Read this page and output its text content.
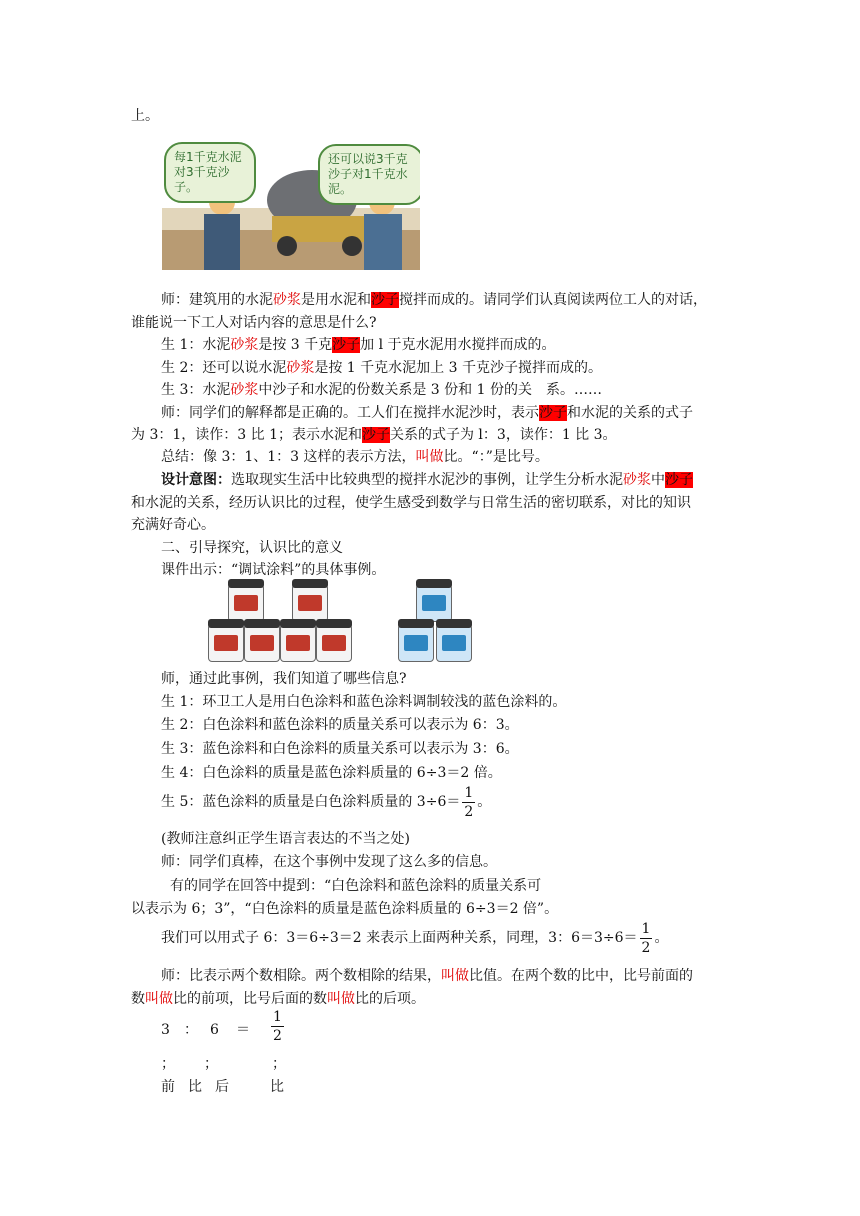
上。
每1千克水泥对3千克沙子。
还可以说3千克沙子对1千克水泥。
师：建筑用的水泥砂浆是用水泥和沙子搅拌而成的。请同学们认真阅读两位工人的对话，
谁能说一下工人对话内容的意思是什么?
生 1：水泥砂浆是按 3 千克沙子加 l 于克水泥用水搅拌而成的。
生 2：还可以说水泥砂浆是按 1 千克水泥加上 3 千克沙子搅拌而成的。
生 3：水泥砂浆中沙子和水泥的份数关系是 3 份和 1 份的关　系。……
师：同学们的解释都是正确的。工人们在搅拌水泥沙时，表示沙子和水泥的关系的式子
为 3：1，读作：3 比 1；表示水泥和沙子关系的式子为 l：3，读作：1 比 3。
总结：像 3：1、1：3 这样的表示方法，叫做比。“：”是比号。
设计意图：选取现实生活中比较典型的搅拌水泥沙的事例，让学生分析水泥砂浆中沙子
和水泥的关系，经历认识比的过程，使学生感受到数学与日常生活的密切联系，对比的知识
充满好奇心。
二、引导探究，认识比的意义
课件出示：“调试涂料”的具体事例。
师，通过此事例，我们知道了哪些信息?
生 1：环卫工人是用白色涂料和蓝色涂料调制较浅的蓝色涂料的。
生 2：白色涂料和蓝色涂料的质量关系可以表示为 6：3。
生 3：蓝色涂料和白色涂料的质量关系可以表示为 3：6。
生 4：白色涂料的质量是蓝色涂料质量的 6÷3＝2 倍。
生 5：蓝色涂料的质量是白色涂料质量的 $3\div 6= \frac{1}{2}$ 。
(教师注意纠正学生语言表达的不当之处)
师：同学们真棒，在这个事例中发现了这么多的信息。
有的同学在回答中提到：“白色涂料和蓝色涂料的质量关系可
以表示为 6；3”，“白色涂料的质量是蓝色涂料质量的 6÷3＝2 倍”。
我们可以用式子 6：3＝6÷3＝2 来表示上面两种关系，同理，3：$6=3\div 6= \frac{1}{2}$ 。
师：比表示两个数相除。两个数相除的结果，叫做比值。在两个数的比中，比号前面的
数叫做比的前项，比号后面的数叫做比的后项。
3 ： $6 = \frac{1}{2}$
； ；	；
前 比 后	比
